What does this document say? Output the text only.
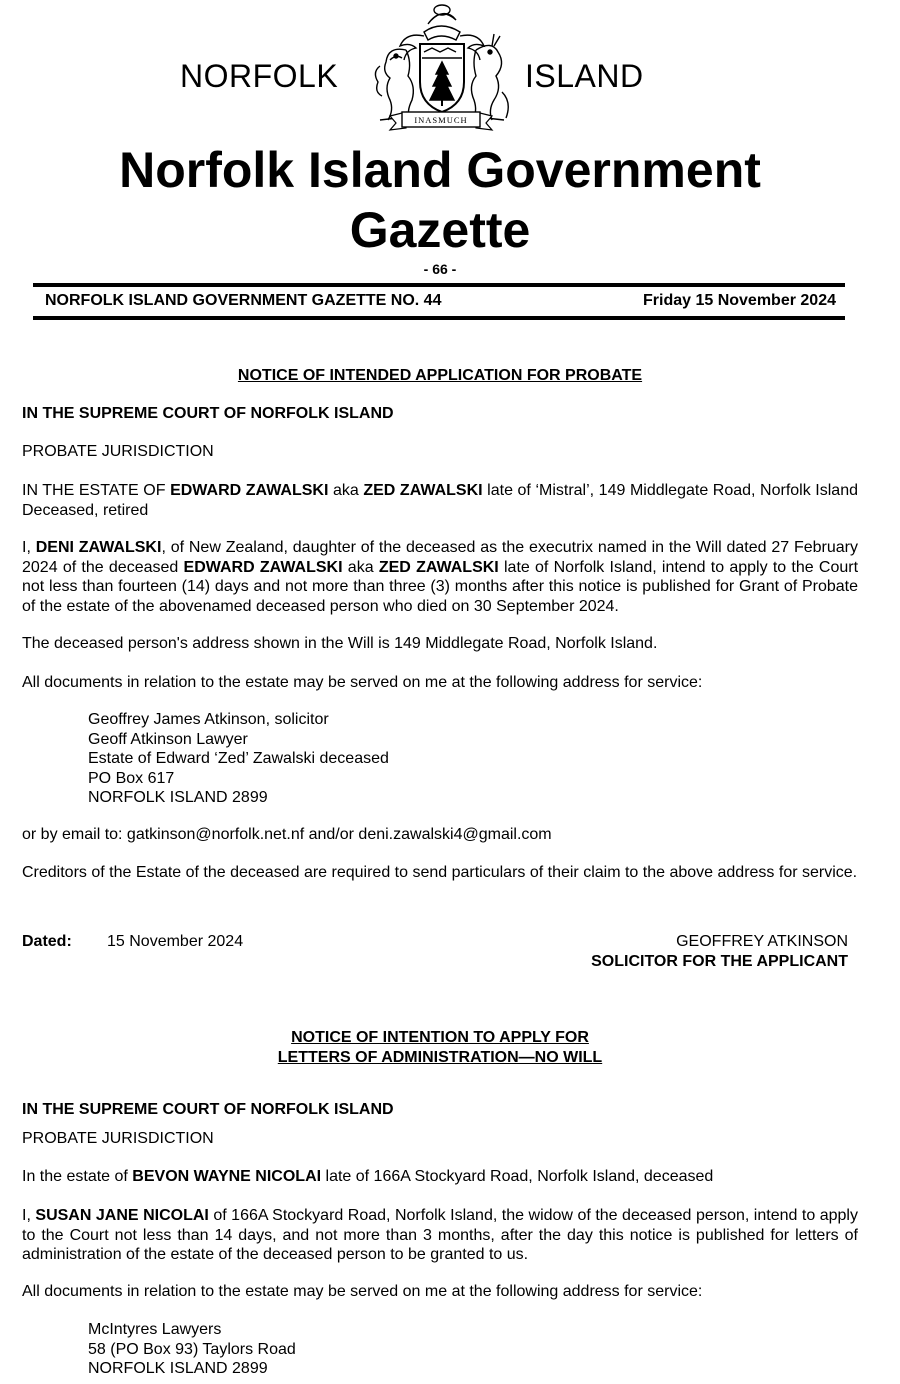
NORFOLK	ISLAND
INASMUCH
Norfolk Island Government
Gazette
- 66 -
NORFOLK ISLAND GOVERNMENT GAZETTE NO. 44	Friday 15 November 2024
NOTICE OF INTENDED APPLICATION FOR PROBATE
IN THE SUPREME COURT OF NORFOLK ISLAND
PROBATE JURISDICTION
IN THE ESTATE OF EDWARD ZAWALSKI aka ZED ZAWALSKI late of ‘Mistral’, 149 Middlegate Road, Norfolk Island Deceased, retired
I, DENI ZAWALSKI, of New Zealand, daughter of the deceased as the executrix named in the Will dated 27 February 2024 of the deceased EDWARD ZAWALSKI aka ZED ZAWALSKI late of Norfolk Island, intend to apply to the Court not less than fourteen (14) days and not more than three (3) months after this notice is published for Grant of Probate of the estate of the abovenamed deceased person who died on 30 September 2024.
The deceased person's address shown in the Will is 149 Middlegate Road, Norfolk Island.
All documents in relation to the estate may be served on me at the following address for service:
Geoffrey James Atkinson, solicitor
Geoff Atkinson Lawyer
Estate of Edward ‘Zed’ Zawalski deceased
PO Box 617
NORFOLK ISLAND 2899
or by email to: gatkinson@norfolk.net.nf and/or deni.zawalski4@gmail.com
Creditors of the Estate of the deceased are required to send particulars of their claim to the above address for service.
Dated: 15 November 2024	GEOFFREY ATKINSON
SOLICITOR FOR THE APPLICANT
NOTICE OF INTENTION TO APPLY FOR
LETTERS OF ADMINISTRATION—NO WILL
IN THE SUPREME COURT OF NORFOLK ISLAND
PROBATE JURISDICTION
In the estate of BEVON WAYNE NICOLAI late of 166A Stockyard Road, Norfolk Island, deceased
I, SUSAN JANE NICOLAI of 166A Stockyard Road, Norfolk Island, the widow of the deceased person, intend to apply to the Court not less than 14 days, and not more than 3 months, after the day this notice is published for letters of administration of the estate of the deceased person to be granted to us.
All documents in relation to the estate may be served on me at the following address for service:
McIntyres Lawyers
58 (PO Box 93) Taylors Road
NORFOLK ISLAND 2899
